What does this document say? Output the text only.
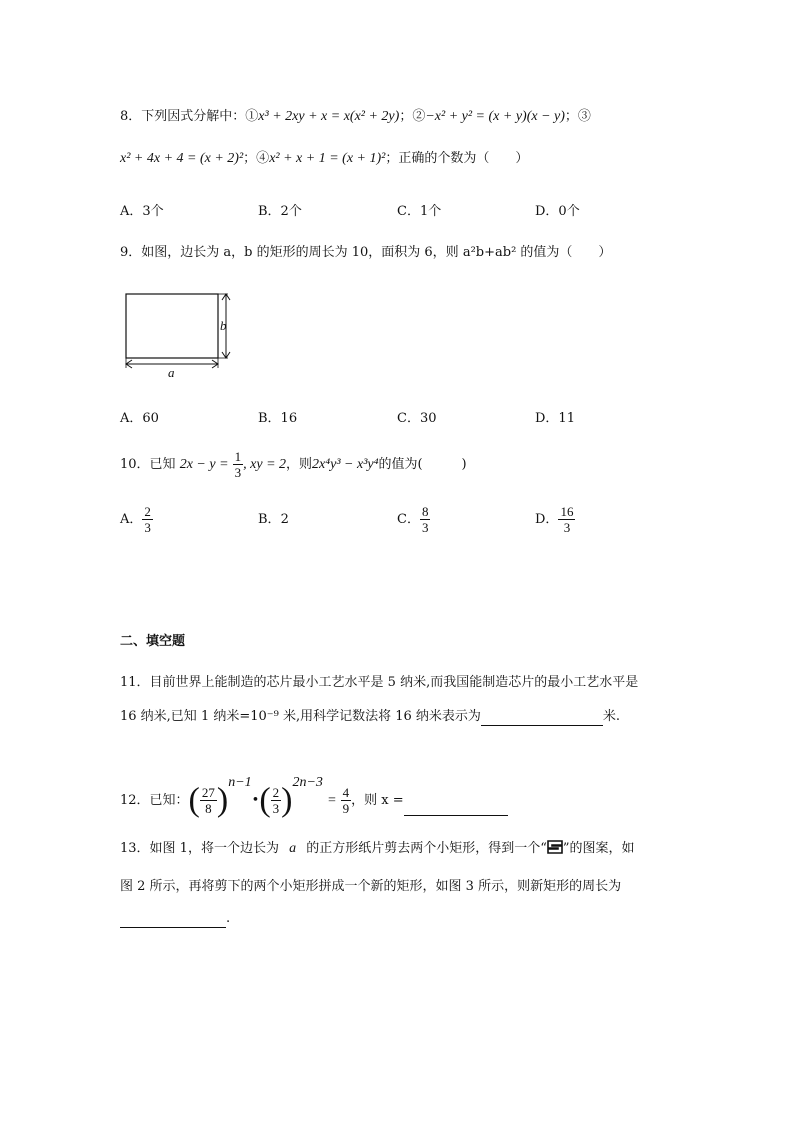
8．下列因式分解中：①x³ + 2xy + x = x(x² + 2y)；②−x² + y² = (x + y)(x − y)；③
x² + 4x + 4 = (x + 2)²；④x² + x + 1 = (x + 1)²；正确的个数为（　　）
A．3个	B．2个	C．1个	D．0个
9．如图，边长为 a，b 的矩形的周长为 10，面积为 6，则 a²b+ab² 的值为（　　）
b
a
A．60	B．16	C．30	D．11
10．已知 $2x - y = \frac{1}{3}$ , xy = 2，则2x⁴y³ − x³y⁴的值为(　　　)
A． $\frac{2}{3}$	B．2	C． $\frac{8}{3}$	D． $\frac{16}{3}$
二、填空题
11．目前世界上能制造的芯片最小工艺水平是 5 纳米,而我国能制造芯片的最小工艺水平是
16 纳米,已知 1 纳米=10⁻⁹ 米,用科学记数法将 16 纳米表示为	米.
12．已知：( $\frac{27}{8}$ )$^{n-1}$•( $\frac{2}{3} )^{2n-3} = \frac{4}{9}$ ，则 x =
13．如图 1，将一个边长为 a 的正方形纸片剪去两个小矩形，得到一个“ ”的图案，如
图 2 所示，再将剪下的两个小矩形拼成一个新的矩形，如图 3 所示，则新矩形的周长为
.
